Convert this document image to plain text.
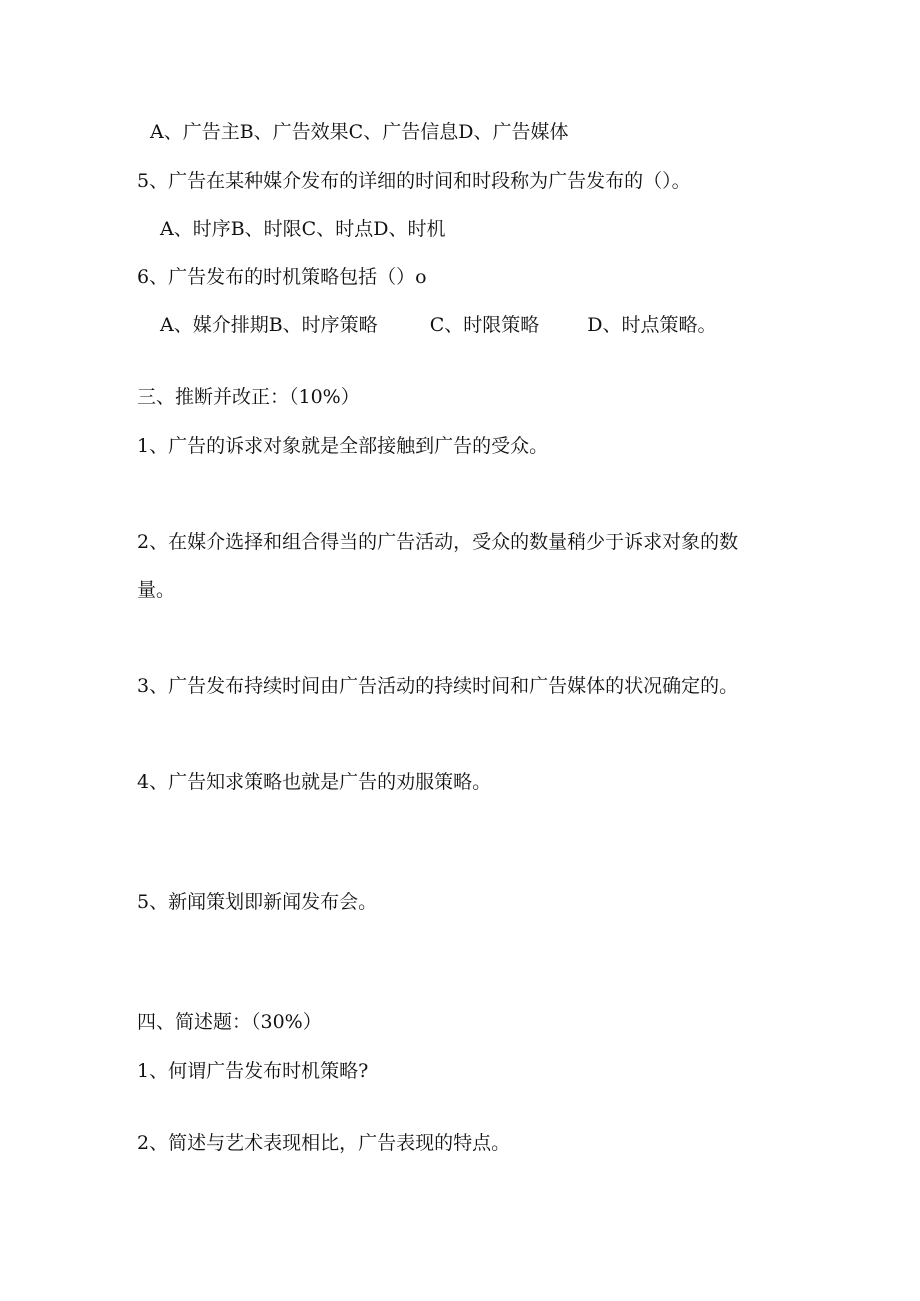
A、广告主B、广告效果C、广告信息D、广告媒体
5、广告在某种媒介发布的详细的时间和时段称为广告发布的（）。
A、时序B、时限C、时点D、时机
6、广告发布的时机策略包括（）o
A、媒介排期B、时序策略	C、时限策略	D、时点策略。
三、推断并改正：（10%）
1、广告的诉求对象就是全部接触到广告的受众。
2、在媒介选择和组合得当的广告活动，受众的数量稍少于诉求对象的数
量。
3、广告发布持续时间由广告活动的持续时间和广告媒体的状况确定的。
4、广告知求策略也就是广告的劝服策略。
5、新闻策划即新闻发布会。
四、简述题：（30%）
1、何谓广告发布时机策略?
2、简述与艺术表现相比，广告表现的特点。
